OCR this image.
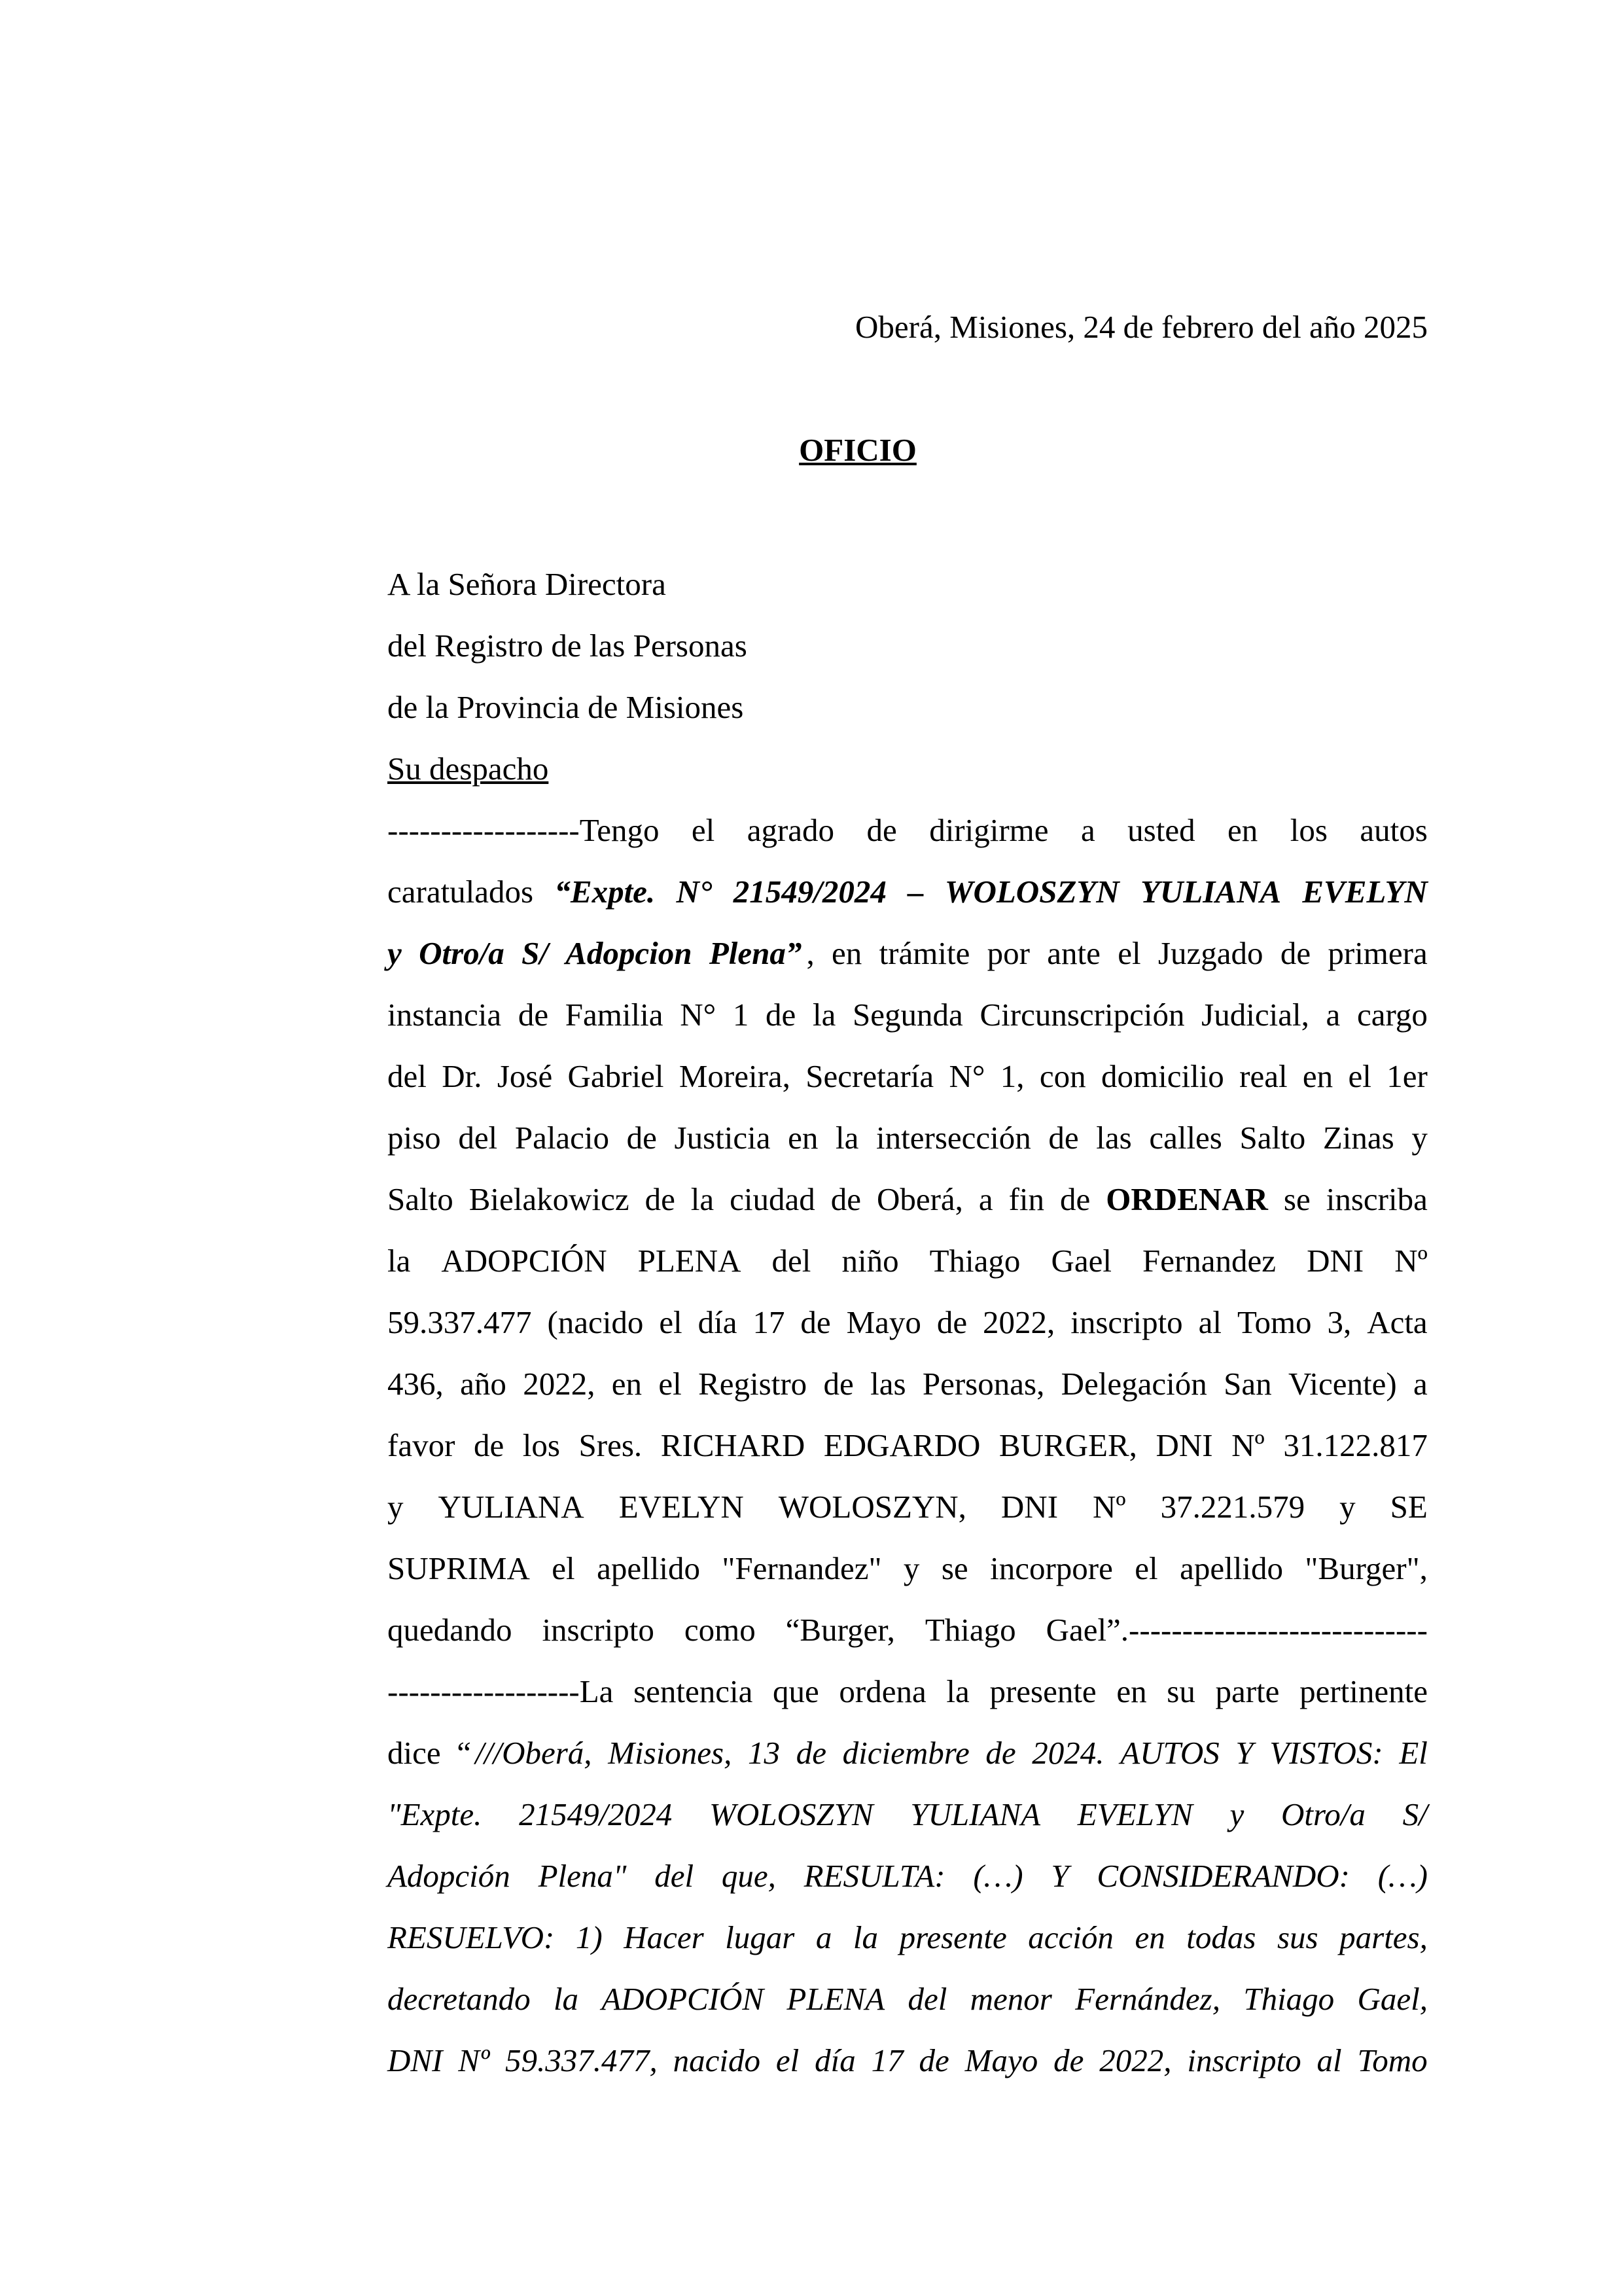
Oberá, Misiones, 24 de febrero del año 2025
OFICIO
A la Señora Directora
del Registro de las Personas
de la Provincia de Misiones
Su despacho
------------------Tengo
el
agrado
de
dirigirme
a
usted
en
los
autos
caratulados
“Expte.
N°
21549/2024
–
WOLOSZYN
YULIANA
EVELYN
y
Otro/a
S/
Adopcion
Plena” ,
en
trámite
por
ante
el
Juzgado
de
primera
instancia
de
Familia
N°
1
de
la
Segunda
Circunscripción
Judicial,
a
cargo
del
Dr.
José
Gabriel
Moreira,
Secretaría
N°
1,
con
domicilio
real
en
el
1er
piso
del
Palacio
de
Justicia
en
la
intersección
de
las
calles
Salto
Zinas
y
Salto
Bielakowicz
de
la
ciudad
de
Oberá,
a
fin
de
ORDENAR
se
inscriba
la
ADOPCIÓN
PLENA
del
niño
Thiago
Gael
Fernandez
DNI
Nº
59.337.477
(nacido
el
día
17
de
Mayo
de
2022,
inscripto
al
Tomo
3,
Acta
436,
año
2022,
en
el
Registro
de
las
Personas,
Delegación
San
Vicente)
a
favor
de
los
Sres.
RICHARD
EDGARDO
BURGER,
DNI
Nº
31.122.817
y
YULIANA
EVELYN
WOLOSZYN,
DNI
Nº
37.221.579
y
SE
SUPRIMA
el
apellido
"Fernandez"
y
se
incorpore
el
apellido
"Burger",
quedando
inscripto
como
“Burger,
Thiago
Gael”.----------------------------
------------------La
sentencia
que
ordena
la
presente
en
su
parte
pertinente
dice
“ ///Oberá,
Misiones,
13
de
diciembre
de
2024.
AUTOS
Y
VISTOS:
El
"Expte.
21549/2024
WOLOSZYN
YULIANA
EVELYN
y
Otro/a
S/
Adopción
Plena"
del
que,
RESULTA:
(…)
Y
CONSIDERANDO:
(…)
RESUELVO:
1)
Hacer
lugar
a
la
presente
acción
en
todas
sus
partes,
decretando
la
ADOPCIÓN
PLENA
del
menor
Fernández,
Thiago
Gael,
DNI
Nº
59.337.477,
nacido
el
día
17
de
Mayo
de
2022,
inscripto
al
Tomo
